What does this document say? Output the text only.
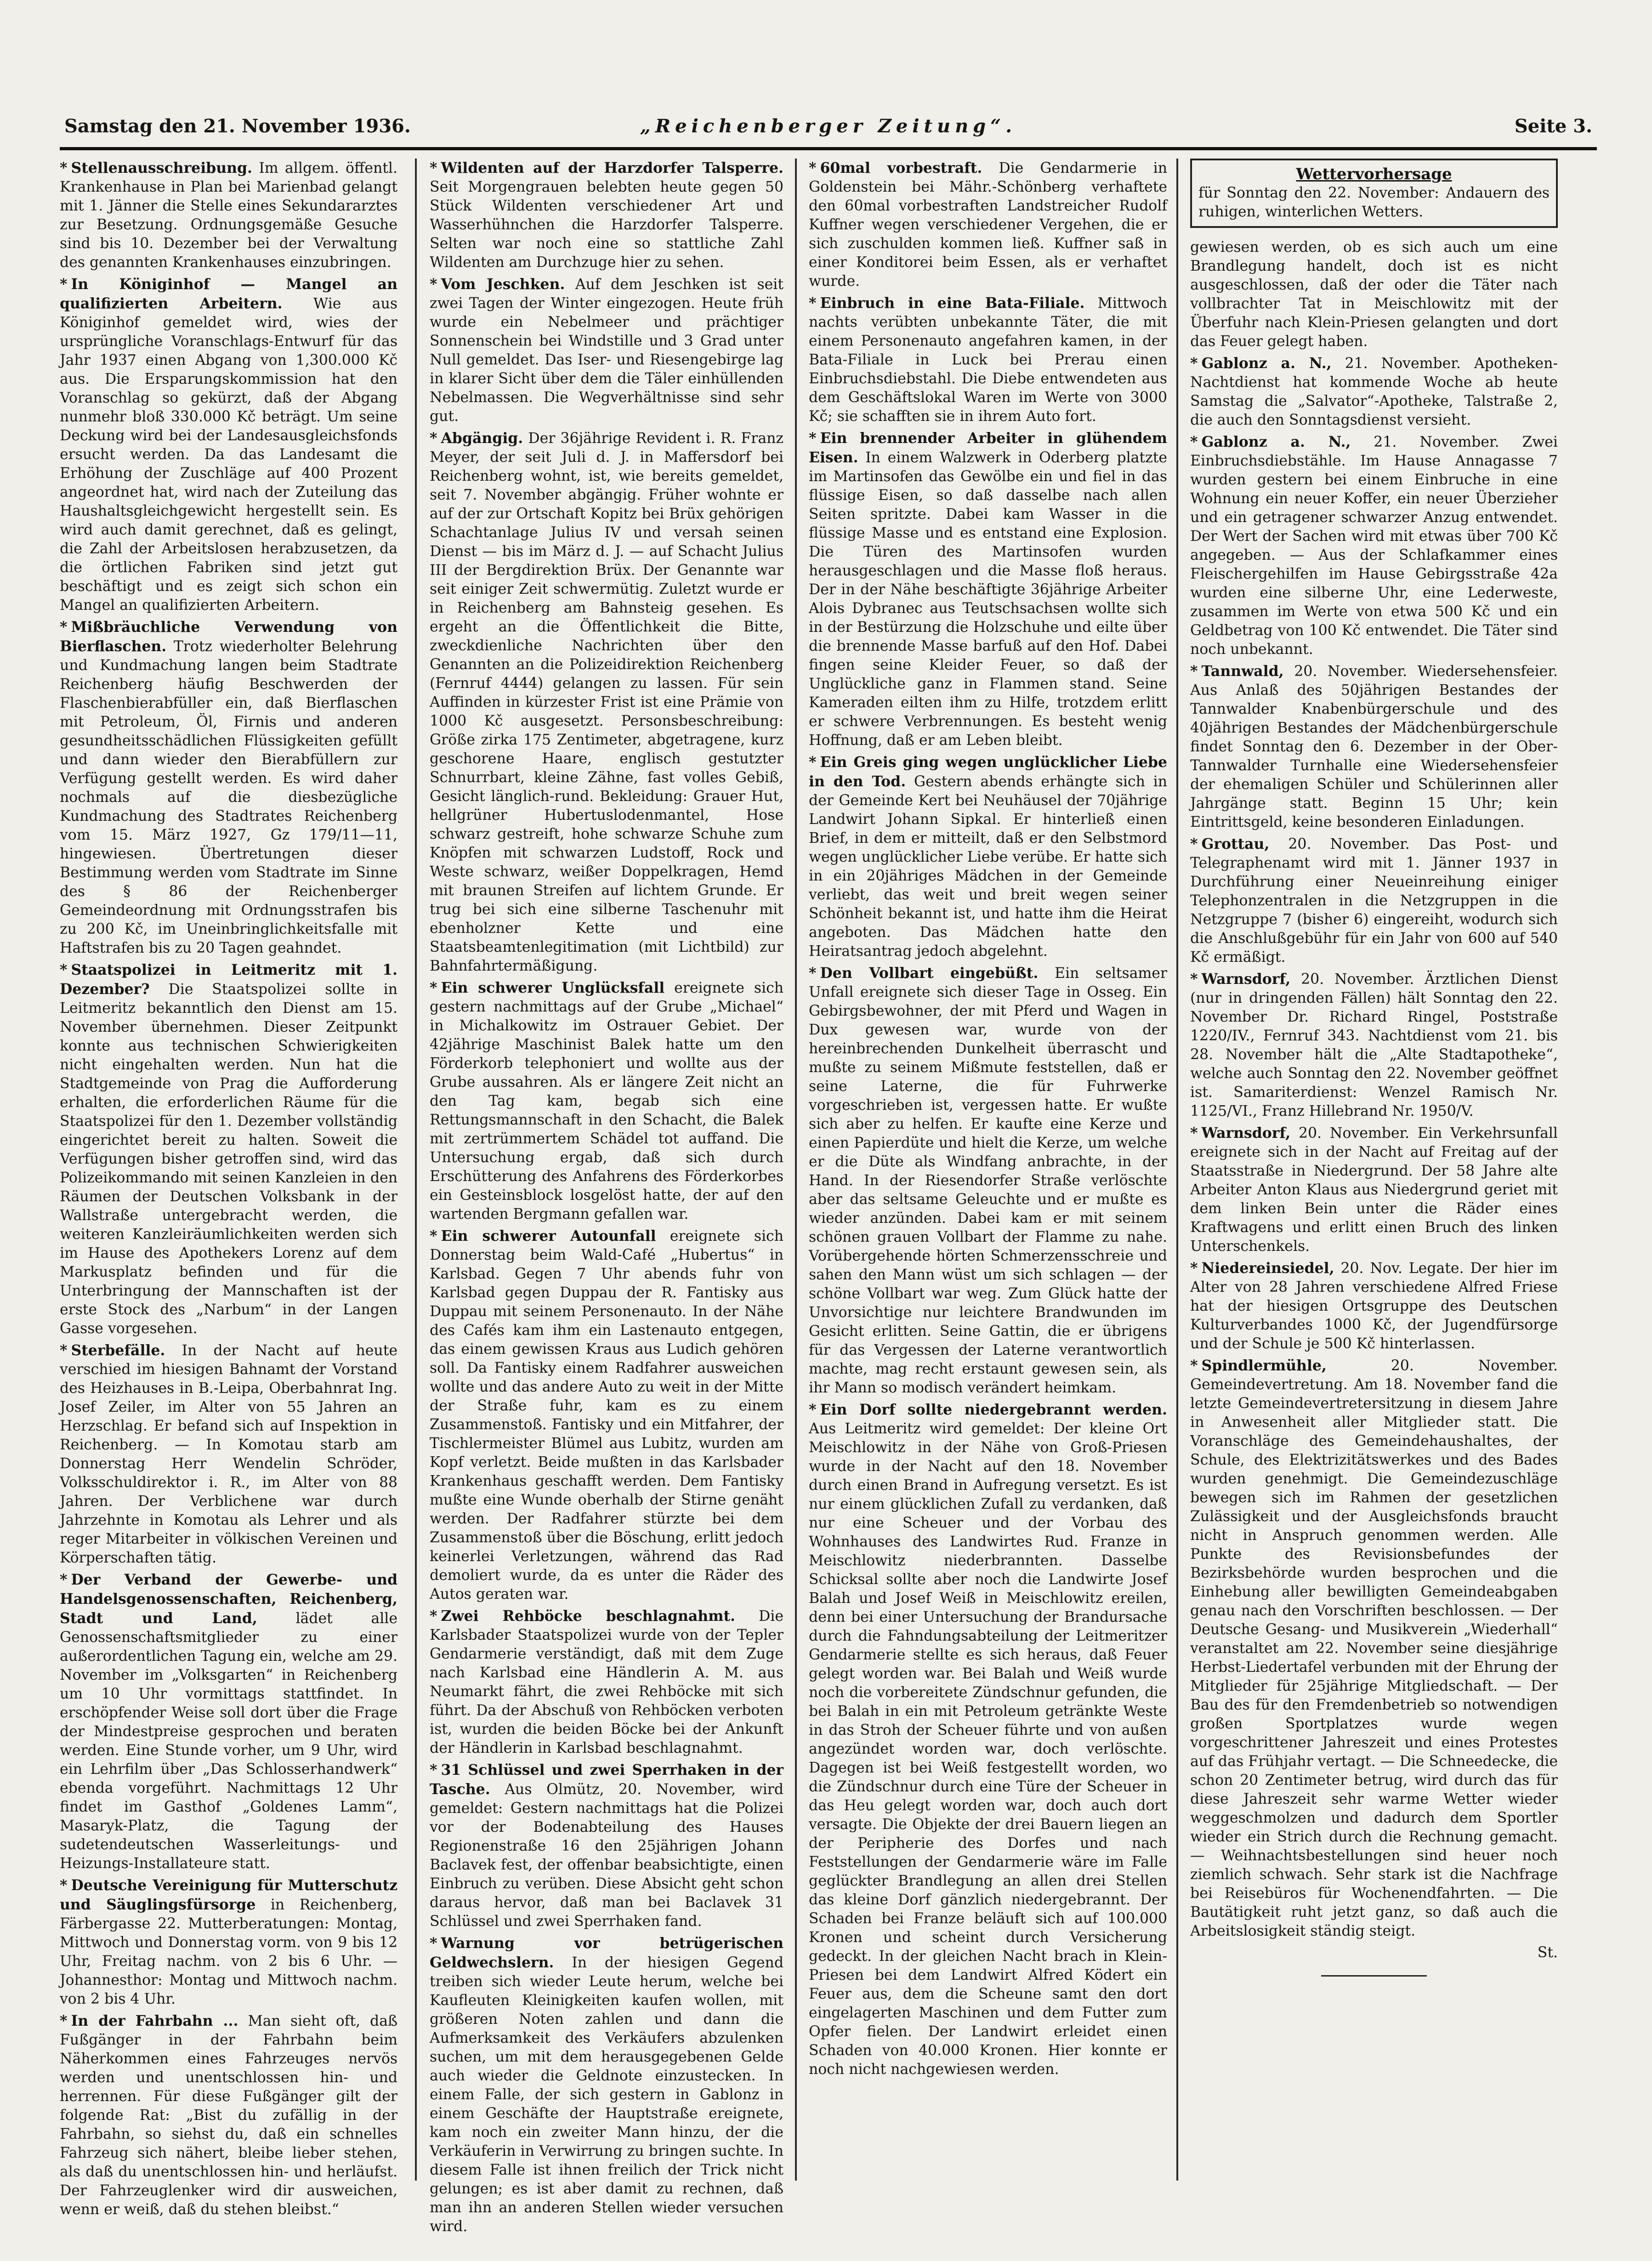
Samstag den 21. November 1936.	„Reichenberger Zeitung“.	Seite 3.

* Stellenausschreibung. Im allgem. öffentl. Krankenhause in Plan bei Marienbad gelangt mit 1. Jänner die Stelle eines Sekundararztes zur Besetzung. Ordnungsgemäße Gesuche sind bis 10. Dezember bei der Verwaltung des genannten Krankenhauses einzubringen.

* In Königinhof — Mangel an qualifizierten Arbeitern. Wie aus Königinhof gemeldet wird, wies der ursprüngliche Voranschlags-Entwurf für das Jahr 1937 einen Abgang von 1,300.000 Kč aus. Die Ersparungskommission hat den Voranschlag so gekürzt, daß der Abgang nunmehr bloß 330.000 Kč beträgt. Um seine Deckung wird bei der Landesausgleichsfonds ersucht werden. Da das Landesamt die Erhöhung der Zuschläge auf 400 Prozent angeordnet hat, wird nach der Zuteilung das Haushaltsgleichgewicht hergestellt sein. Es wird auch damit gerechnet, daß es gelingt, die Zahl der Arbeitslosen herabzusetzen, da die örtlichen Fabriken sind jetzt gut beschäftigt und es zeigt sich schon ein Mangel an qualifizierten Arbeitern.

* Mißbräuchliche Verwendung von Bierflaschen. Trotz wiederholter Belehrung und Kundmachung langen beim Stadtrate Reichenberg häufig Beschwerden der Flaschenbierabfüller ein, daß Bierflaschen mit Petroleum, Öl, Firnis und anderen gesundheitsschädlichen Flüssigkeiten gefüllt und dann wieder den Bierabfüllern zur Verfügung gestellt werden. Es wird daher nochmals auf die diesbezügliche Kundmachung des Stadtrates Reichenberg vom 15. März 1927, Gz 179/11—11, hingewiesen. Übertretungen dieser Bestimmung werden vom Stadtrate im Sinne des § 86 der Reichenberger Gemeindeordnung mit Ordnungsstrafen bis zu 200 Kč, im Uneinbringlichkeitsfalle mit Haftstrafen bis zu 20 Tagen geahndet.

* Staatspolizei in Leitmeritz mit 1. Dezember? Die Staatspolizei sollte in Leitmeritz bekanntlich den Dienst am 15. November übernehmen. Dieser Zeitpunkt konnte aus technischen Schwierigkeiten nicht eingehalten werden. Nun hat die Stadtgemeinde von Prag die Aufforderung erhalten, die erforderlichen Räume für die Staatspolizei für den 1. Dezember vollständig eingerichtet bereit zu halten. Soweit die Verfügungen bisher getroffen sind, wird das Polizeikommando mit seinen Kanzleien in den Räumen der Deutschen Volksbank in der Wallstraße untergebracht werden, die weiteren Kanzleiräumlichkeiten werden sich im Hause des Apothekers Lorenz auf dem Markusplatz befinden und für die Unterbringung der Mannschaften ist der erste Stock des „Narbum“ in der Langen Gasse vorgesehen.

* Sterbefälle. In der Nacht auf heute verschied im hiesigen Bahnamt der Vorstand des Heizhauses in B.-Leipa, Oberbahnrat Ing. Josef Zeiler, im Alter von 55 Jahren an Herzschlag. Er befand sich auf Inspektion in Reichenberg. — In Komotau starb am Donnerstag Herr Wendelin Schröder, Volksschuldirektor i. R., im Alter von 88 Jahren. Der Verblichene war durch Jahrzehnte in Komotau als Lehrer und als reger Mitarbeiter in völkischen Vereinen und Körperschaften tätig.

* Der Verband der Gewerbe- und Handelsgenossenschaften, Reichenberg, Stadt und Land,	lädet alle Genossenschaftsmitglieder zu einer außerordentlichen Tagung ein, welche am 29. November im „Volksgarten“ in Reichenberg um 10 Uhr vormittags stattfindet. In erschöpfender Weise soll dort über die Frage der Mindestpreise gesprochen und beraten werden. Eine Stunde vorher, um 9 Uhr, wird ein Lehrfilm über „Das Schlosserhandwerk“ ebenda vorgeführt. Nachmittags 12 Uhr findet im Gasthof „Goldenes Lamm“, Masaryk-Platz, die Tagung der sudetendeutschen Wasserleitungs- und Heizungs-Installateure statt.

* Deutsche Vereinigung für Mutterschutz und Säuglingsfürsorge in Reichenberg, Färbergasse 22. Mutterberatungen: Montag, Mittwoch und Donnerstag vorm. von 9 bis 12 Uhr, Freitag nachm. von 2 bis 6 Uhr. — Johannesthor: Montag und Mittwoch nachm. von 2 bis 4 Uhr.

* In der Fahrbahn ... Man sieht oft, daß Fußgänger in der Fahrbahn beim Näherkommen eines Fahrzeuges nervös werden und unentschlossen hin- und herrennen. Für diese Fußgänger gilt der folgende Rat: „Bist du zufällig in der Fahrbahn, so siehst du, daß ein schnelles Fahrzeug sich nähert, bleibe lieber stehen, als daß du unentschlossen hin- und herläufst. Der Fahrzeuglenker wird dir ausweichen, wenn er weiß, daß du stehen bleibst.“

* Wildenten auf der Harzdorfer Talsperre. Seit Morgengrauen belebten heute gegen 50 Stück Wildenten verschiedener Art und Wasserhühnchen die Harzdorfer Talsperre. Selten war noch eine so stattliche Zahl Wildenten am Durchzuge hier zu sehen.

* Vom Jeschken. Auf dem Jeschken ist seit zwei Tagen der Winter eingezogen. Heute früh wurde ein Nebelmeer und prächtiger Sonnenschein bei Windstille und 3 Grad unter Null gemeldet. Das Iser- und Riesengebirge lag in klarer Sicht über dem die Täler einhüllenden Nebelmassen. Die Wegverhältnisse sind sehr gut.

* Abgängig. Der 36jährige Revident i. R. Franz Meyer, der seit Juli d. J. in Maffersdorf bei Reichenberg wohnt, ist, wie bereits gemeldet, seit 7. November abgängig. Früher wohnte er auf der zur Ortschaft Kopitz bei Brüx gehörigen Schachtanlage Julius IV und versah seinen Dienst — bis im März d. J. — auf Schacht Julius III der Bergdirektion Brüx. Der Genannte war seit einiger Zeit schwermütig. Zuletzt wurde er in Reichenberg am Bahnsteig gesehen. Es ergeht an die Öffentlichkeit die Bitte, zweckdienliche Nachrichten über den Genannten an die Polizeidirektion Reichenberg (Fernruf 4444) gelangen zu lassen. Für sein Auffinden in kürzester Frist ist eine Prämie von 1000 Kč ausgesetzt. Personsbeschreibung: Größe zirka 175 Zentimeter, abgetragene, kurz geschorene Haare, englisch gestutzter Schnurrbart, kleine Zähne, fast volles Gebiß, Gesicht länglich-rund. Bekleidung: Grauer Hut, hellgrüner Hubertuslodenmantel, Hose schwarz gestreift, hohe schwarze Schuhe zum Knöpfen mit schwarzen Ludstoff, Rock und Weste schwarz, weißer Doppelkragen, Hemd mit braunen Streifen auf lichtem Grunde. Er trug bei sich eine silberne Taschenuhr mit ebenholzner Kette und eine Staatsbeamtenlegitimation (mit Lichtbild) zur Bahnfahrtermäßigung.

* Ein schwerer Unglücksfall ereignete sich gestern nachmittags auf der Grube „Michael“ in Michalkowitz im Ostrauer Gebiet. Der 42jährige Maschinist Balek hatte um den Förderkorb telephoniert und wollte aus der Grube aussahren. Als er längere Zeit nicht an den Tag kam, begab sich eine Rettungsmannschaft in den Schacht, die Balek mit zertrümmertem Schädel tot auffand. Die Untersuchung ergab, daß sich durch Erschütterung des Anfahrens des Förderkorbes ein Gesteinsblock losgelöst hatte, der auf den wartenden Bergmann gefallen war.

* Ein schwerer Autounfall ereignete sich Donnerstag beim Wald-Café „Hubertus“ in Karlsbad. Gegen 7 Uhr abends fuhr von Karlsbad gegen Duppau der R. Fantisky aus Duppau mit seinem Personenauto. In der Nähe des Cafés kam ihm ein Lastenauto entgegen, das einem gewissen Kraus aus Ludich gehören soll. Da Fantisky einem Radfahrer ausweichen wollte und das andere Auto zu weit in der Mitte der Straße fuhr, kam es zu einem Zusammenstoß. Fantisky und ein Mitfahrer, der Tischlermeister Blümel aus Lubitz, wurden am Kopf verletzt. Beide mußten in das Karlsbader Krankenhaus geschafft werden. Dem Fantisky mußte eine Wunde oberhalb der Stirne genäht werden. Der Radfahrer stürzte bei dem Zusammenstoß über die Böschung, erlitt jedoch keinerlei Verletzungen, während das Rad demoliert wurde, da es unter die Räder des Autos geraten war.

* Zwei Rehböcke beschlagnahmt. Die Karlsbader Staatspolizei wurde von der Tepler Gendarmerie verständigt, daß mit dem Zuge nach Karlsbad eine Händlerin A. M. aus Neumarkt fährt, die zwei Rehböcke mit sich führt. Da der Abschuß von Rehböcken verboten ist, wurden die beiden Böcke bei der Ankunft der Händlerin in Karlsbad beschlagnahmt.

* 31 Schlüssel und zwei Sperrhaken in der Tasche. Aus Olmütz, 20. November, wird gemeldet: Gestern nachmittags hat die Polizei vor der Bodenabteilung des Hauses Regionenstraße 16 den 25jährigen Johann Baclavek fest, der offenbar beabsichtigte, einen Einbruch zu verüben. Diese Absicht geht schon daraus hervor, daß man bei Baclavek 31 Schlüssel und zwei Sperrhaken fand.

* Warnung vor betrügerischen Geldwechslern. In der hiesigen Gegend treiben sich wieder Leute herum, welche bei Kaufleuten Kleinigkeiten kaufen wollen, mit größeren Noten zahlen und dann die Aufmerksamkeit des Verkäufers abzulenken suchen, um mit dem herausgegebenen Gelde auch wieder die Geldnote einzustecken. In einem Falle, der sich gestern in Gablonz in einem Geschäfte der Hauptstraße ereignete, kam noch ein zweiter Mann hinzu, der die Verkäuferin in Verwirrung zu bringen suchte. In diesem Falle ist ihnen freilich der Trick nicht gelungen; es ist aber damit zu rechnen, daß man ihn an anderen Stellen wieder versuchen wird.

* 60mal vorbestraft. Die Gendarmerie in Goldenstein bei Mähr.-Schönberg verhaftete den 60mal vorbestraften Landstreicher Rudolf Kuffner wegen verschiedener Vergehen, die er sich zuschulden kommen ließ. Kuffner saß in einer Konditorei beim Essen, als er verhaftet wurde.

* Einbruch in eine Bata-Filiale. Mittwoch nachts verübten unbekannte Täter, die mit einem Personenauto angefahren kamen, in der Bata-Filiale in Luck bei Prerau einen Einbruchsdiebstahl. Die Diebe entwendeten aus dem Geschäftslokal Waren im Werte von 3000 Kč; sie schafften sie in ihrem Auto fort.

* Ein brennender Arbeiter in glühendem Eisen. In einem Walzwerk in Oderberg platzte im Martinsofen das Gewölbe ein und fiel in das flüssige Eisen, so daß dasselbe nach allen Seiten spritzte. Dabei kam Wasser in die flüssige Masse und es entstand eine Explosion. Die Türen des Martinsofen wurden herausgeschlagen und die Masse floß heraus. Der in der Nähe beschäftigte 36jährige Arbeiter Alois Dybranec aus Teutschsachsen wollte sich in der Bestürzung die Holzschuhe und eilte über die brennende Masse barfuß auf den Hof. Dabei fingen seine Kleider Feuer, so daß der Unglückliche ganz in Flammen stand. Seine Kameraden eilten ihm zu Hilfe, trotzdem erlitt er schwere Verbrennungen. Es besteht wenig Hoffnung, daß er am Leben bleibt.

* Ein Greis ging wegen unglücklicher Liebe in den Tod. Gestern abends erhängte sich in der Gemeinde Kert bei Neuhäusel der 70jährige Landwirt Johann Sipkal. Er hinterließ einen Brief, in dem er mitteilt, daß er den Selbstmord wegen unglücklicher Liebe verübe. Er hatte sich in ein 20jähriges Mädchen in der Gemeinde verliebt, das weit und breit wegen seiner Schönheit bekannt ist, und hatte ihm die Heirat angeboten. Das Mädchen hatte den Heiratsantrag jedoch abgelehnt.

* Den Vollbart eingebüßt. Ein seltsamer Unfall ereignete sich dieser Tage in Osseg. Ein Gebirgsbewohner, der mit Pferd und Wagen in Dux gewesen war, wurde von der hereinbrechenden Dunkelheit überrascht und mußte zu seinem Mißmute feststellen, daß er seine Laterne, die für Fuhrwerke vorgeschrieben ist, vergessen hatte. Er wußte sich aber zu helfen. Er kaufte eine Kerze und einen Papierdüte und hielt die Kerze, um welche er die Düte als Windfang anbrachte, in der Hand. In der Riesendorfer Straße verlöschte aber das seltsame Geleuchte und er mußte es wieder anzünden. Dabei kam er mit seinem schönen grauen Vollbart der Flamme zu nahe. Vorübergehende hörten Schmerzensschreie und sahen den Mann wüst um sich schlagen — der schöne Vollbart war weg. Zum Glück hatte der Unvorsichtige nur leichtere Brandwunden im Gesicht erlitten. Seine Gattin, die er übrigens für das Vergessen der Laterne verantwortlich machte, mag recht erstaunt gewesen sein, als ihr Mann so modisch verändert heimkam.

* Ein Dorf sollte niedergebrannt werden. Aus Leitmeritz wird gemeldet: Der kleine Ort Meischlowitz in der Nähe von Groß-Priesen wurde in der Nacht auf den 18. November durch einen Brand in Aufregung versetzt. Es ist nur einem glücklichen Zufall zu verdanken, daß nur eine Scheuer und der Vorbau des Wohnhauses des Landwirtes Rud. Franze in Meischlowitz niederbrannten. Dasselbe Schicksal sollte aber noch die Landwirte Josef Balah und Josef Weiß in Meischlowitz ereilen, denn bei einer Untersuchung der Brandursache durch die Fahndungsabteilung der Leitmeritzer Gendarmerie stellte es sich heraus, daß Feuer gelegt worden war. Bei Balah und Weiß wurde noch die vorbereitete Zündschnur gefunden, die bei Balah in ein mit Petroleum getränkte Weste in das Stroh der Scheuer führte und von außen angezündet worden war, doch verlöschte. Dagegen ist bei Weiß festgestellt worden, wo die Zündschnur durch eine Türe der Scheuer in das Heu gelegt worden war, doch auch dort versagte. Die Objekte der drei Bauern liegen an der Peripherie des Dorfes und nach Feststellungen der Gendarmerie wäre im Falle geglückter Brandlegung an allen drei Stellen das kleine Dorf gänzlich niedergebrannt. Der Schaden bei Franze beläuft sich auf 100.000 Kronen und scheint durch Versicherung gedeckt. In der gleichen Nacht brach in Klein-Priesen bei dem Landwirt Alfred Ködert ein Feuer aus, dem die Scheune samt den dort eingelagerten Maschinen und dem Futter zum Opfer fielen. Der Landwirt erleidet einen Schaden von 40.000 Kronen. Hier konnte er noch nicht nachgewiesen werden.

Wettervorhersage
für Sonntag den 22. November: Andauern des ruhigen, winterlichen Wetters.

gewiesen werden, ob es sich auch um eine Brandlegung handelt, doch ist es nicht ausgeschlossen, daß der oder die Täter nach vollbrachter Tat in Meischlowitz mit der Überfuhr nach Klein-Priesen gelangten und dort das Feuer gelegt haben.

* Gablonz a. N., 21. November. Apotheken-Nachtdienst hat kommende Woche ab heute Samstag die „Salvator“-Apotheke, Talstraße 2, die auch den Sonntagsdienst versieht.

* Gablonz a. N., 21. November. Zwei Einbruchsdiebstähle. Im Hause Annagasse 7 wurden gestern bei einem Einbruche in eine Wohnung ein neuer Koffer, ein neuer Überzieher und ein getragener schwarzer Anzug entwendet. Der Wert der Sachen wird mit etwas über 700 Kč angegeben. — Aus der Schlafkammer eines Fleischergehilfen im Hause Gebirgsstraße 42a wurden eine silberne Uhr, eine Lederweste, zusammen im Werte von etwa 500 Kč und ein Geldbetrag von 100 Kč entwendet. Die Täter sind noch unbekannt.

* Tannwald, 20. November. Wiedersehensfeier. Aus Anlaß des 50jährigen Bestandes der Tannwalder Knabenbürgerschule und des 40jährigen Bestandes der Mädchenbürgerschule findet Sonntag den 6. Dezember in der Ober-Tannwalder Turnhalle eine Wiedersehensfeier der ehemaligen Schüler und Schülerinnen aller Jahrgänge statt. Beginn 15 Uhr; kein Eintrittsgeld, keine besonderen Einladungen.

* Grottau, 20. November. Das Post- und Telegraphenamt wird mit 1. Jänner 1937 in Durchführung einer Neueinreihung einiger Telephonzentralen in die Netzgruppen in die Netzgruppe 7 (bisher 6) eingereiht, wodurch sich die Anschlußgebühr für ein Jahr von 600 auf 540 Kč ermäßigt.

* Warnsdorf, 20. November. Ärztlichen Dienst (nur in dringenden Fällen) hält Sonntag den 22. November Dr. Richard Ringel, Poststraße 1220/IV., Fernruf 343. Nachtdienst vom 21. bis 28. November hält die „Alte Stadtapotheke“, welche auch Sonntag den 22. November geöffnet ist. Samariterdienst: Wenzel Ramisch Nr. 1125/VI., Franz Hillebrand Nr. 1950/V.

* Warnsdorf, 20. November. Ein Verkehrsunfall ereignete sich in der Nacht auf Freitag auf der Staatsstraße in Niedergrund. Der 58 Jahre alte Arbeiter Anton Klaus aus Niedergrund geriet mit dem linken Bein unter die Räder eines Kraftwagens und erlitt einen Bruch des linken Unterschenkels.

* Niedereinsiedel, 20. Nov. Legate. Der hier im Alter von 28 Jahren verschiedene Alfred Friese hat der hiesigen Ortsgruppe des Deutschen Kulturverbandes 1000 Kč, der Jugendfürsorge und der Schule je 500 Kč hinterlassen.

* Spindlermühle,	20. November. Gemeindevertretung. Am 18. November fand die letzte Gemeindevertretersitzung in diesem Jahre in Anwesenheit aller Mitglieder statt. Die Voranschläge des Gemeindehaushaltes, der Schule, des Elektrizitätswerkes und des Bades wurden genehmigt. Die Gemeindezuschläge bewegen sich im Rahmen der gesetzlichen Zulässigkeit und der Ausgleichsfonds braucht nicht in Anspruch genommen werden. Alle Punkte des Revisionsbefundes der Bezirksbehörde wurden besprochen und die Einhebung aller bewilligten Gemeindeabgaben genau nach den Vorschriften beschlossen. — Der Deutsche Gesang- und Musikverein „Wiederhall“ veranstaltet am 22. November seine diesjährige Herbst-Liedertafel verbunden mit der Ehrung der Mitglieder für 25jährige Mitgliedschaft. — Der Bau des für den Fremdenbetrieb so notwendigen großen Sportplatzes wurde wegen vorgeschrittener Jahreszeit und eines Protestes auf das Frühjahr vertagt. — Die Schneedecke, die schon 20 Zentimeter betrug, wird durch das für diese Jahreszeit sehr warme Wetter wieder weggeschmolzen und dadurch dem Sportler wieder ein Strich durch die Rechnung gemacht. — Weihnachtsbestellungen sind heuer noch ziemlich schwach. Sehr stark ist die Nachfrage bei Reisebüros für Wochenendfahrten. — Die Bautätigkeit ruht jetzt ganz, so daß auch die Arbeitslosigkeit ständig steigt.

St.
